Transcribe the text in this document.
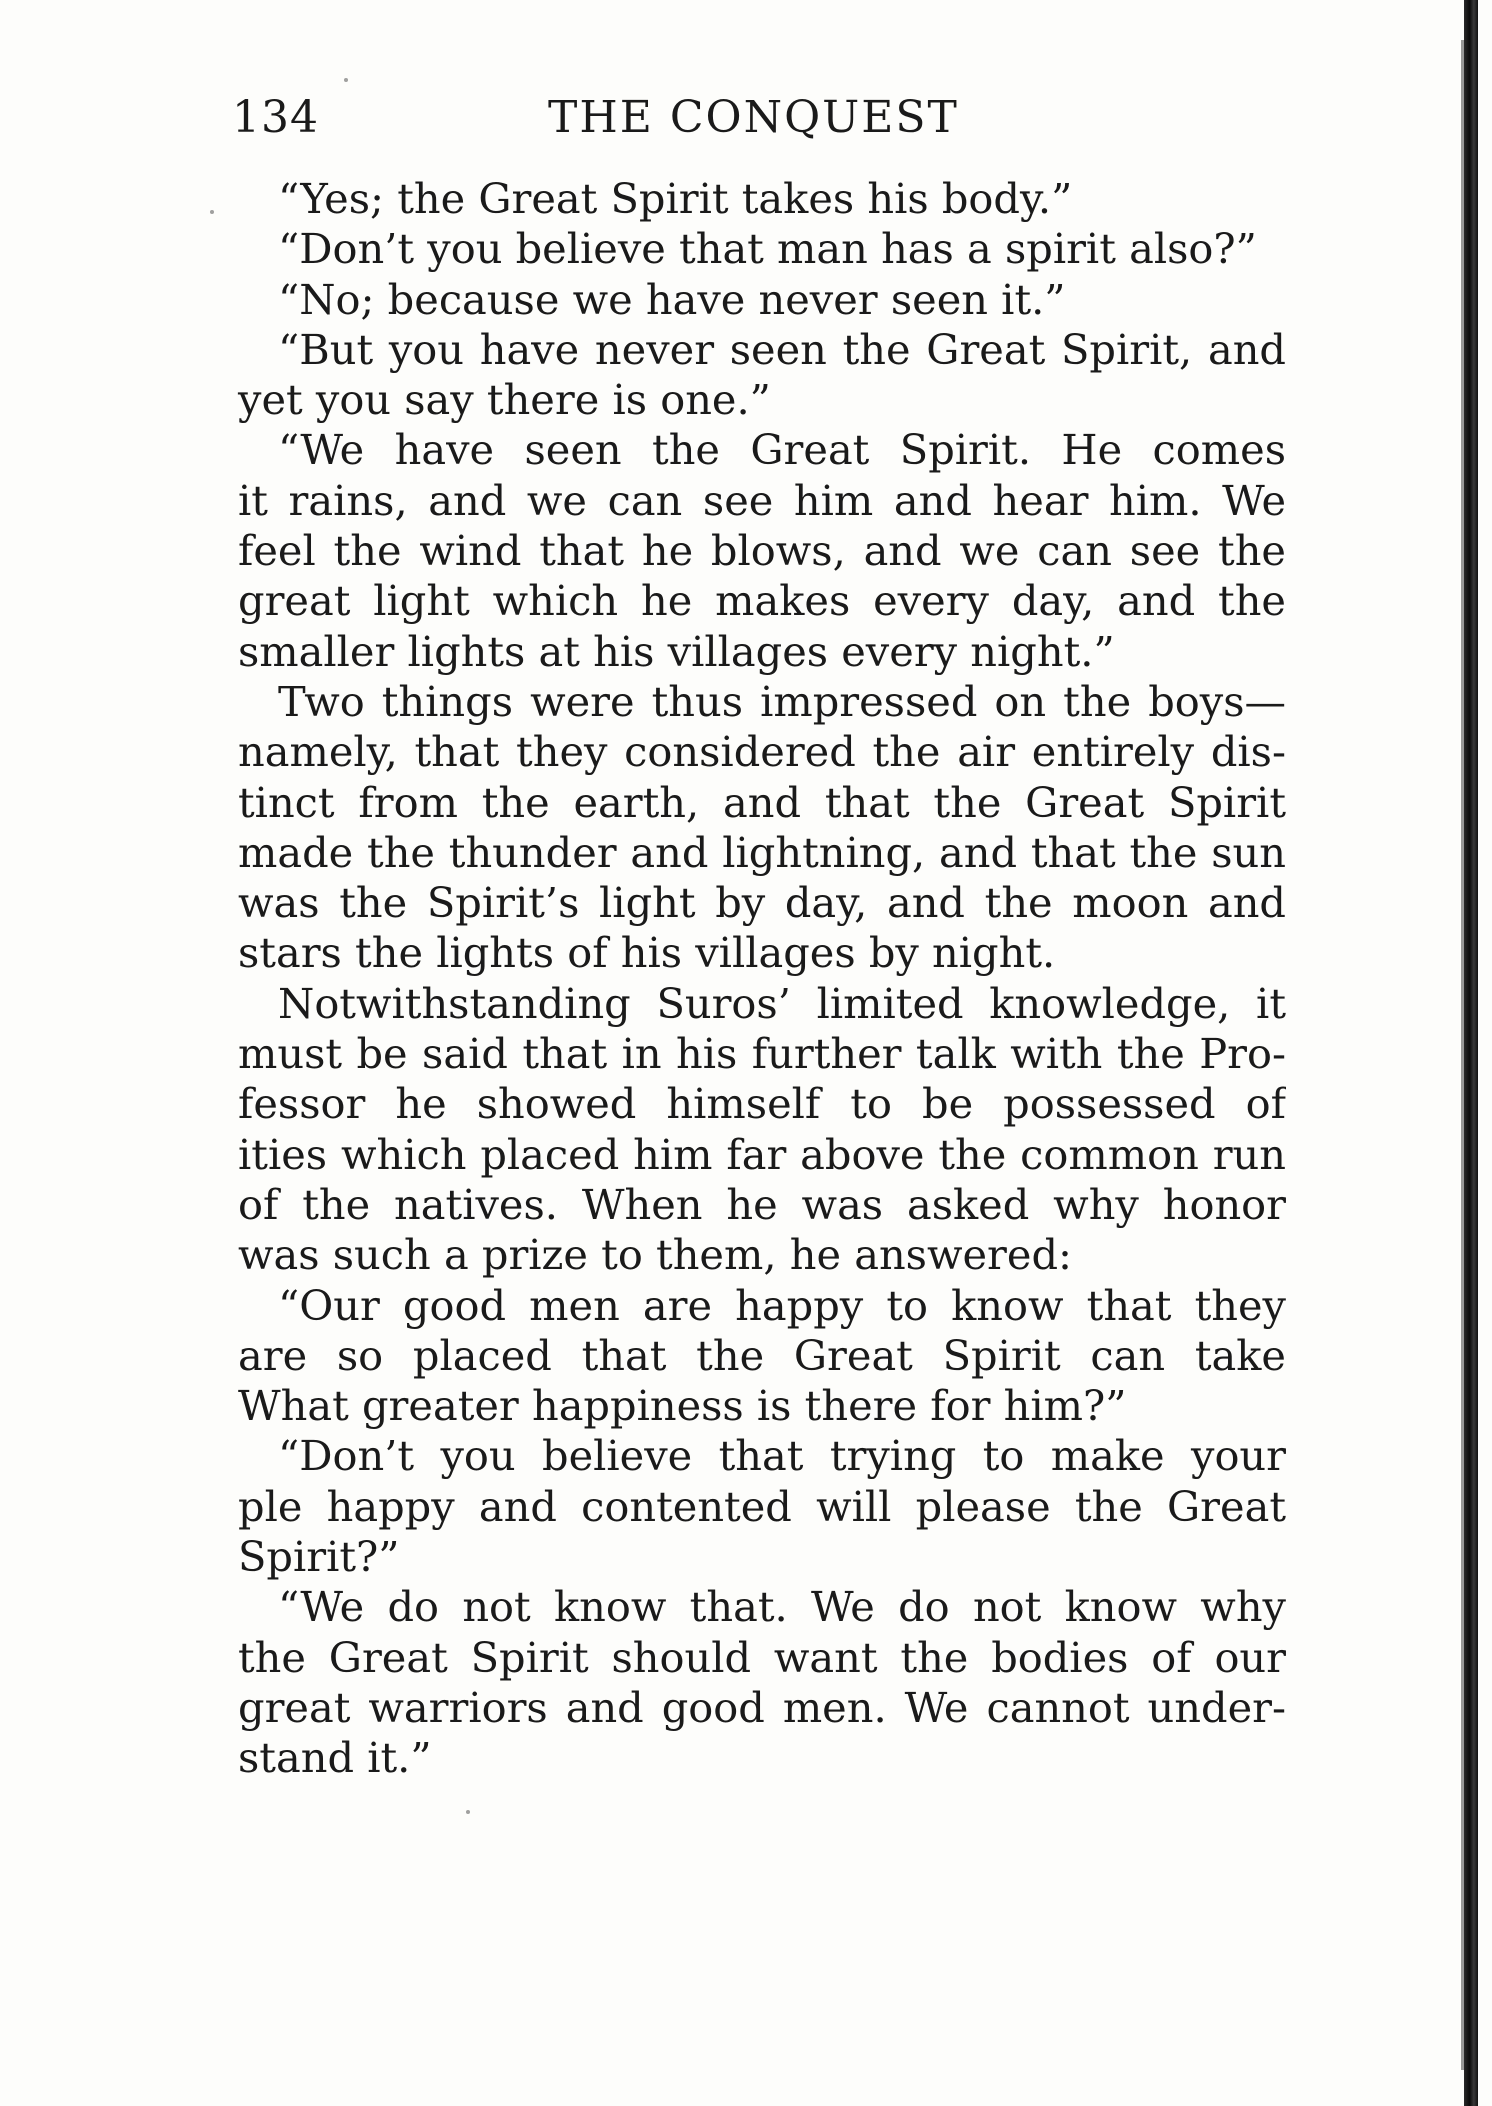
134	THE CONQUEST
“Yes; the Great Spirit takes his body.”
“Don’t you believe that man has a spirit also?”
“No; because we have never seen it.”
“But you have never seen the Great Spirit, and
yet you say there is one.”
“We have seen the Great Spirit. He comes
it rains, and we can see him and hear him. We
feel the wind that he blows, and we can see the
great light which he makes every day, and the
smaller lights at his villages every night.”
Two things were thus impressed on the boys—
namely, that they considered the air entirely dis-
tinct from the earth, and that the Great Spirit
made the thunder and lightning, and that the sun
was the Spirit’s light by day, and the moon and
stars the lights of his villages by night.
Notwithstanding Suros’ limited knowledge, it
must be said that in his further talk with the Pro-
fessor he showed himself to be possessed of
ities which placed him far above the common run
of the natives. When he was asked why honor
was such a prize to them, he answered:
“Our good men are happy to know that they
are so placed that the Great Spirit can take
What greater happiness is there for him?”
“Don’t you believe that trying to make your
ple happy and contented will please the Great
Spirit?”
“We do not know that. We do not know why
the Great Spirit should want the bodies of our
great warriors and good men. We cannot under-
stand it.”
